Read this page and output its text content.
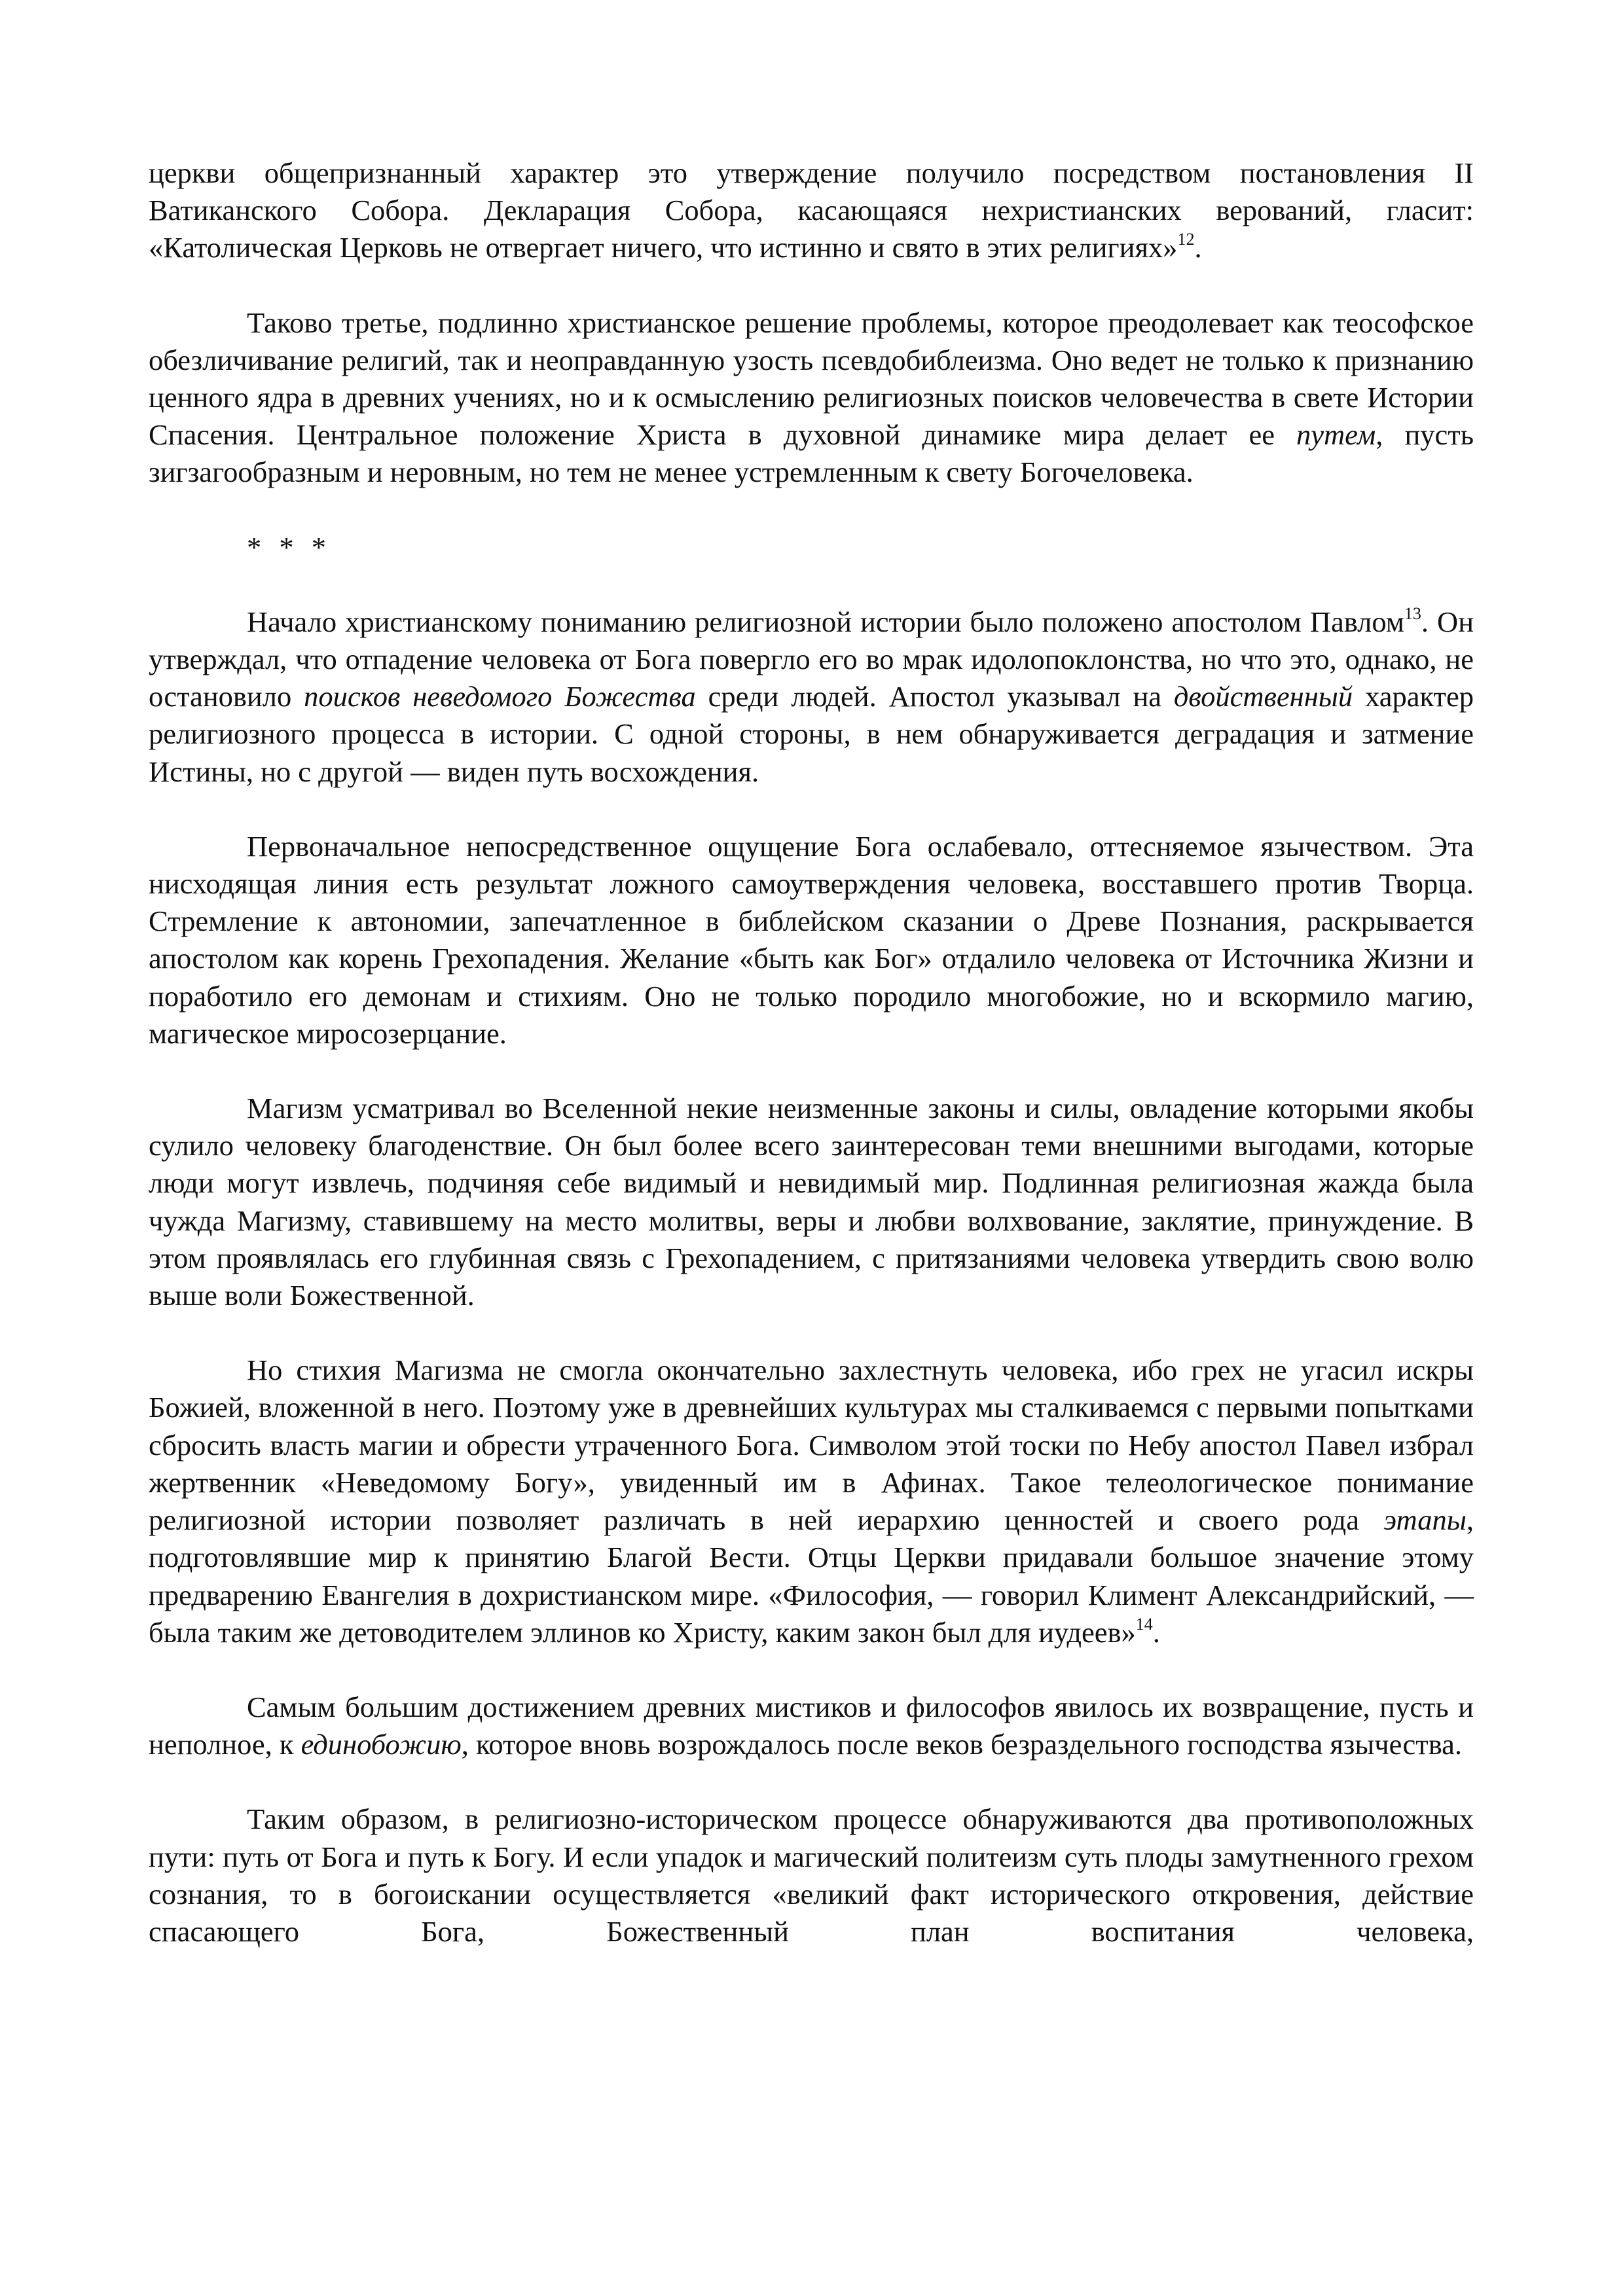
церкви общепризнанный характер это утверждение получило посредством постановления II Ватиканского Собора. Декларация Собора, касающаяся нехристианских верований, гласит: «Католическая Церковь не отвергает ничего, что истинно и свято в этих религиях»$^{12}$.

Таково третье, подлинно христианское решение проблемы, которое преодолевает как теософское обезличивание религий, так и неоправданную узость псевдобиблеизма. Оно ведет не только к признанию ценного ядра в древних учениях, но и к осмыслению религиозных поисков человечества в свете Истории Спасения. Центральное положение Христа в духовной динамике мира делает ее путем, пусть зигзагообразным и неровным, но тем не менее устремленным к свету Богочеловека.

* * *

Начало христианскому пониманию религиозной истории было положено апостолом Павлом$^{13}$. Он утверждал, что отпадение человека от Бога повергло его во мрак идолопоклонства, но что это, однако, не остановило поисков неведомого Божества среди людей. Апостол указывал на двойственный характер религиозного процесса в истории. С одной стороны, в нем обнаруживается деградация и затмение Истины, но с другой — виден путь восхождения.

Первоначальное непосредственное ощущение Бога ослабевало, оттесняемое язычеством. Эта нисходящая линия есть результат ложного самоутверждения человека, восставшего против Творца. Стремление к автономии, запечатленное в библейском сказании о Древе Познания, раскрывается апостолом как корень Грехопадения. Желание «быть как Бог» отдалило человека от Источника Жизни и поработило его демонам и стихиям. Оно не только породило многобожие, но и вскормило магию, магическое миросозерцание.

Магизм усматривал во Вселенной некие неизменные законы и силы, овладение которыми якобы сулило человеку благоденствие. Он был более всего заинтересован теми внешними выгодами, которые люди могут извлечь, подчиняя себе видимый и невидимый мир. Подлинная религиозная жажда была чужда Магизму, ставившему на место молитвы, веры и любви волхвование, заклятие, принуждение. В этом проявлялась его глубинная связь с Грехопадением, с притязаниями человека утвердить свою волю выше воли Божественной.

Но стихия Магизма не смогла окончательно захлестнуть человека, ибо грех не угасил искры Божией, вложенной в него. Поэтому уже в древнейших культурах мы сталкиваемся с первыми попытками сбросить власть магии и обрести утраченного Бога. Символом этой тоски по Небу апостол Павел избрал жертвенник «Неведомому Богу», увиденный им в Афинах. Такое телеологическое понимание религиозной истории позволяет различать в ней иерархию ценностей и своего рода этапы, подготовлявшие мир к принятию Благой Вести. Отцы Церкви придавали большое значение этому предварению Евангелия в дохристианском мире. «Философия, — говорил Климент Александрийский, — была таким же детоводителем эллинов ко Христу, каким закон был для иудеев»$^{14}$.

Самым большим достижением древних мистиков и философов явилось их возвращение, пусть и неполное, к единобожию, которое вновь возрождалось после веков безраздельного господства язычества.

Таким образом, в религиозно-историческом процессе обнаруживаются два противоположных пути: путь от Бога и путь к Богу. И если упадок и магический политеизм суть плоды замутненного грехом сознания, то в богоискании осуществляется «великий факт исторического откровения, действие спасающего Бога, Божественный план воспитания человека,
